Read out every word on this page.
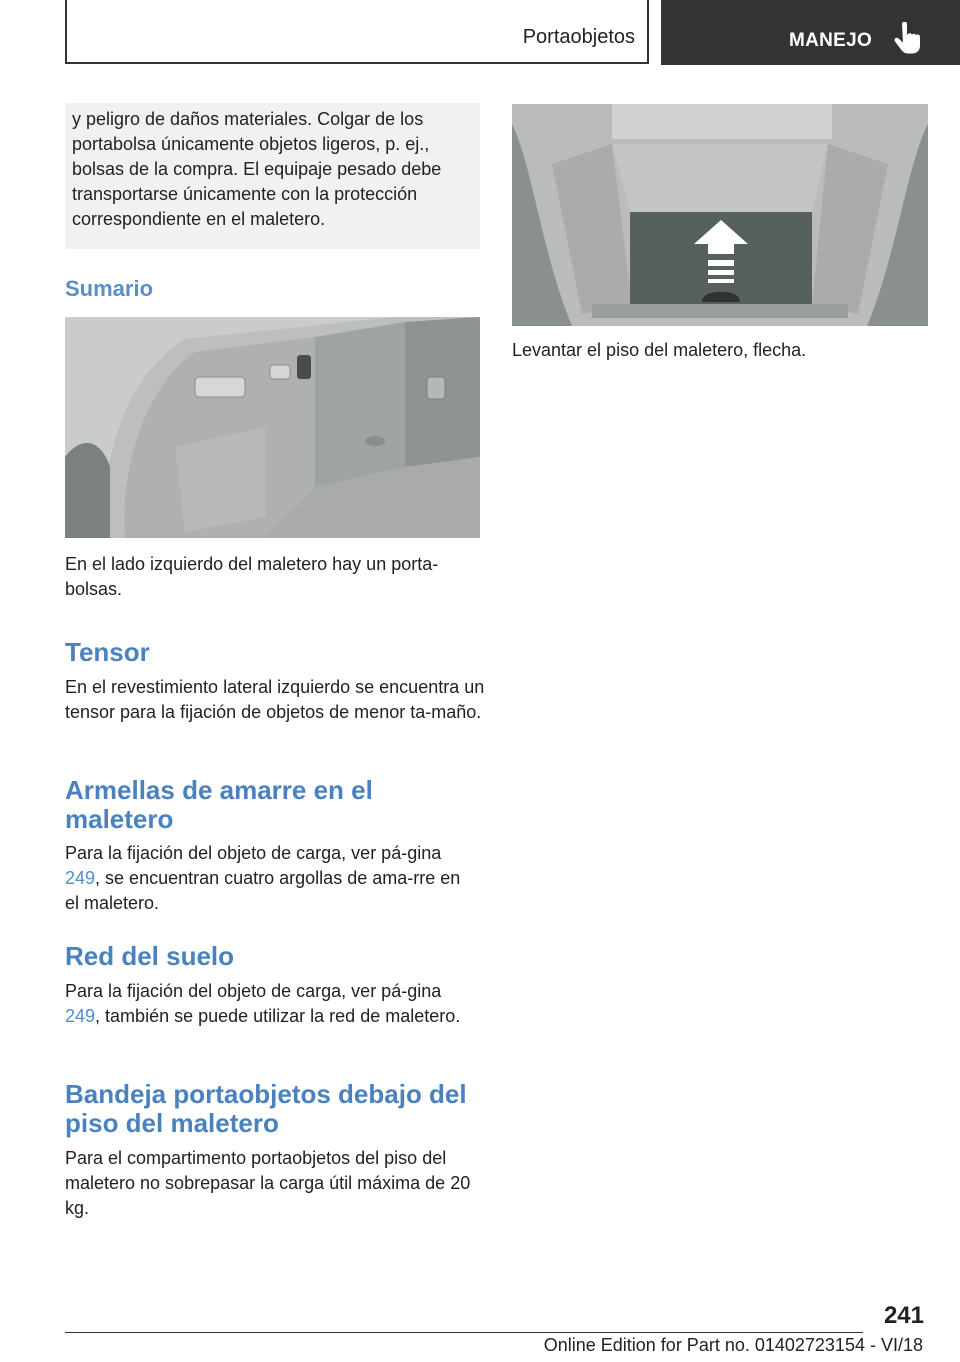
Portaobjetos	MANEJO
y peligro de daños materiales. Colgar de los portabolsa únicamente objetos ligeros, p. ej., bolsas de la compra. El equipaje pesado debe transportarse únicamente con la protección correspondiente en el maletero.
Sumario
En el lado izquierdo del maletero hay un porta-bolsas.
Tensor
En el revestimiento lateral izquierdo se encuentra un tensor para la fijación de objetos de menor ta-maño.
Armellas de amarre en el
maletero
Para la fijación del objeto de carga, ver pá-gina 249, se encuentran cuatro argollas de ama-rre en el maletero.
Red del suelo
Para la fijación del objeto de carga, ver pá-gina 249, también se puede utilizar la red de maletero.
Bandeja portaobjetos debajo del
piso del maletero
Para el compartimento portaobjetos del piso del maletero no sobrepasar la carga útil máxima de 20 kg.
Levantar el piso del maletero, flecha.
241
Online Edition for Part no. 01402723154 - VI/18
